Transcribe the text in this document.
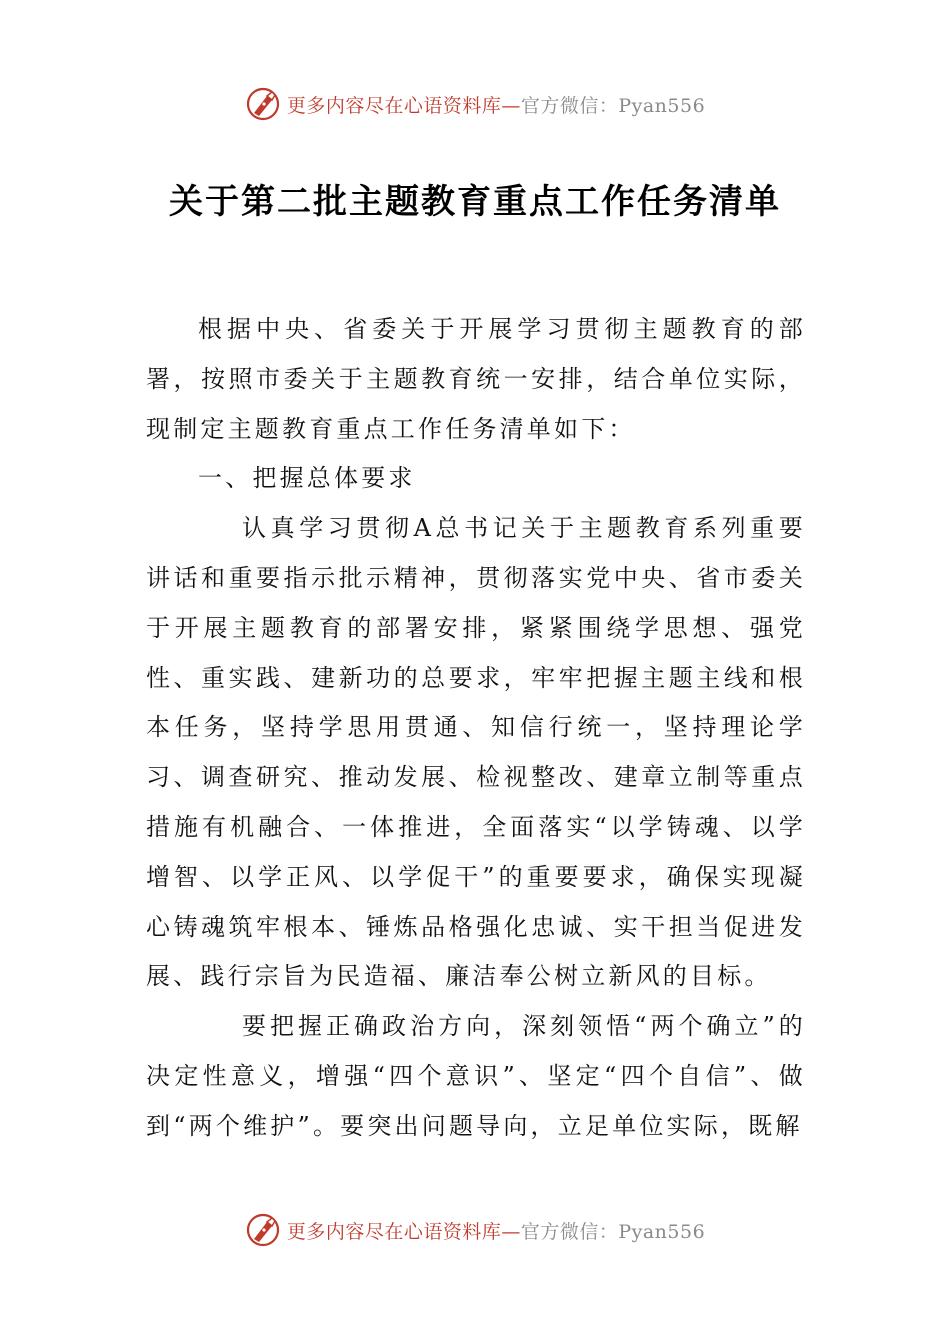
更多内容尽在心语资料库—官方微信：Pyan556
关于第二批主题教育重点工作任务清单

根据中央、省委关于开展学习贯彻主题教育的部署，按照市委关于主题教育统一安排，结合单位实际，现制定主题教育重点工作任务清单如下：

一、把握总体要求

认真学习贯彻A总书记关于主题教育系列重要讲话和重要指示批示精神，贯彻落实党中央、省市委关于开展主题教育的部署安排，紧紧围绕学思想、强党性、重实践、建新功的总要求，牢牢把握主题主线和根本任务，坚持学思用贯通、知信行统一，坚持理论学习、调查研究、推动发展、检视整改、建章立制等重点措施有机融合、一体推进，全面落实“以学铸魂、以学增智、以学正风、以学促干”的重要要求，确保实现凝心铸魂筑牢根本、锤炼品格强化忠诚、实干担当促进发展、践行宗旨为民造福、廉洁奉公树立新风的目标。

要把握正确政治方向，深刻领悟“两个确立”的决定性意义，增强“四个意识”、坚定“四个自信”、做到“两个维护”。要突出问题导向，立足单位实际，既解

更多内容尽在心语资料库—官方微信：Pyan556
